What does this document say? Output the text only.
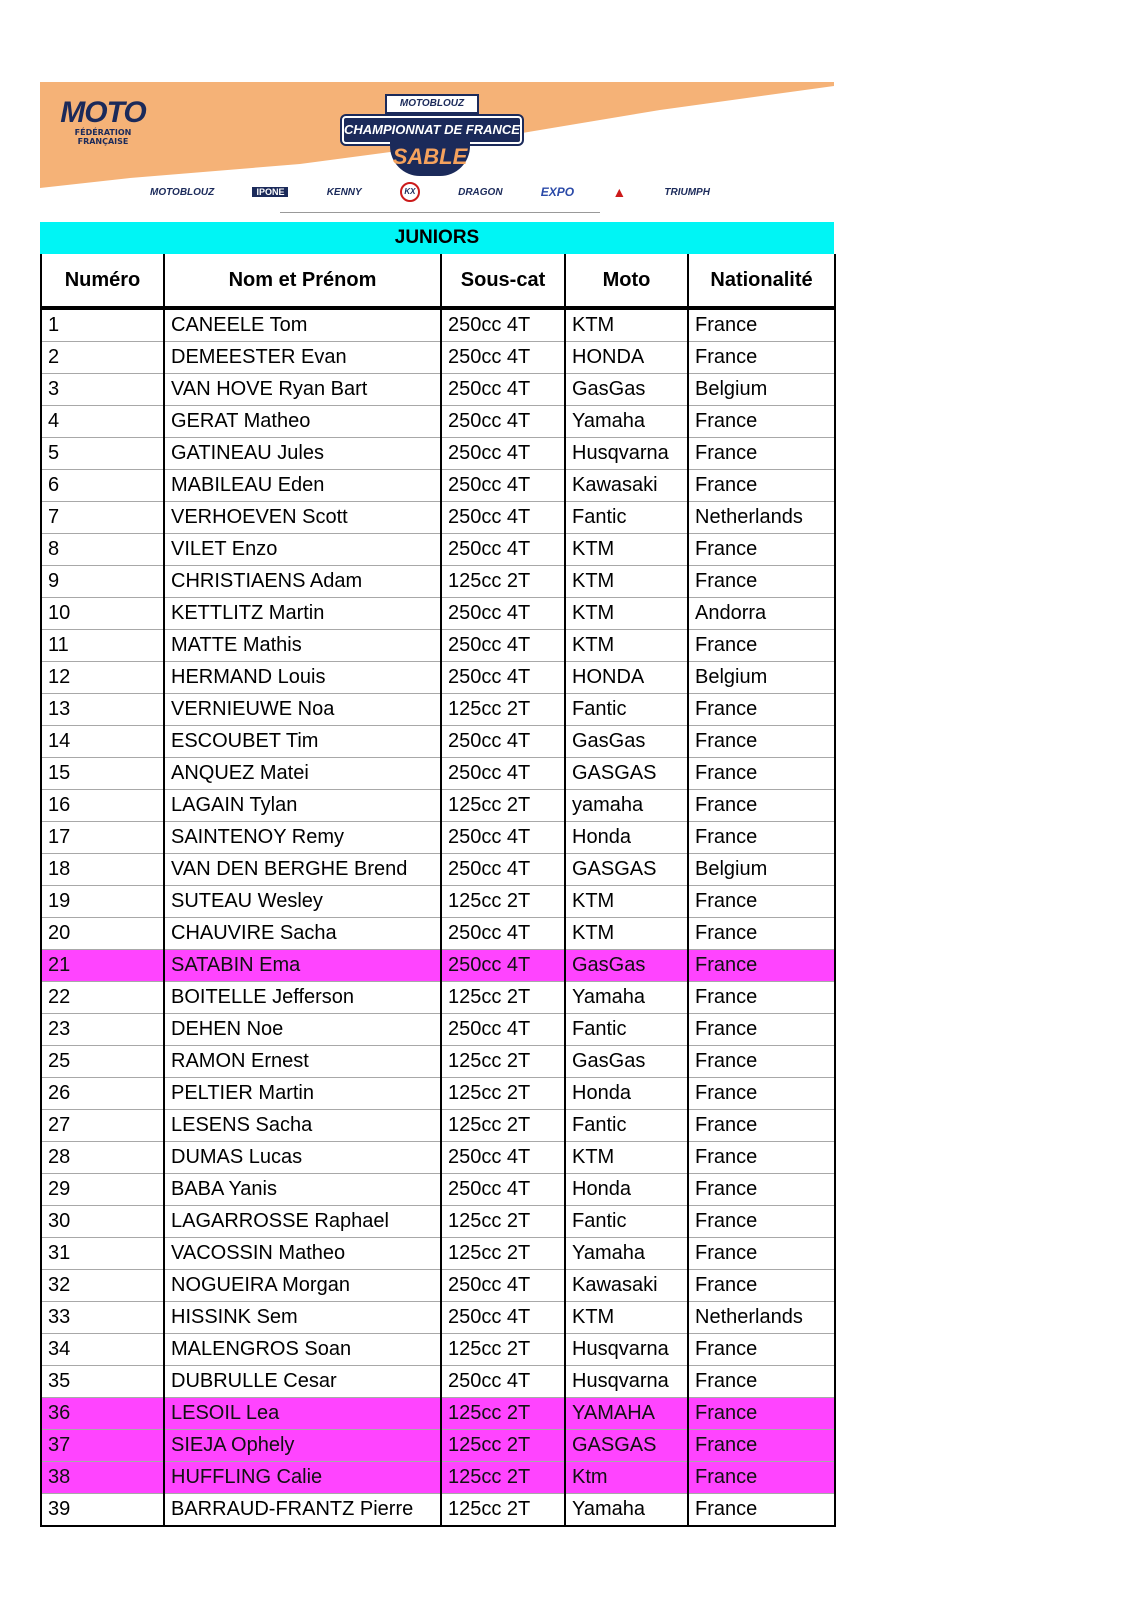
MOTO
FÉDÉRATION
FRANÇAISE
MOTOBLOUZ
CHAMPIONNAT DE FRANCE
SABLE
MOTOBLOUZ	IPONE	KENNY	KX	DRAGON	EXPO	▲	TRIUMPH
JUNIORS
Numéro	Nom et Prénom	Sous-cat	Moto	Nationalité
1	CANEELE Tom	250cc 4T	KTM	France
2	DEMEESTER Evan	250cc 4T	HONDA	France
3	VAN HOVE Ryan Bart	250cc 4T	GasGas	Belgium
4	GERAT Matheo	250cc 4T	Yamaha	France
5	GATINEAU Jules	250cc 4T	Husqvarna	France
6	MABILEAU Eden	250cc 4T	Kawasaki	France
7	VERHOEVEN Scott	250cc 4T	Fantic	Netherlands
8	VILET Enzo	250cc 4T	KTM	France
9	CHRISTIAENS Adam	125cc 2T	KTM	France
10	KETTLITZ Martin	250cc 4T	KTM	Andorra
11	MATTE Mathis	250cc 4T	KTM	France
12	HERMAND Louis	250cc 4T	HONDA	Belgium
13	VERNIEUWE Noa	125cc 2T	Fantic	France
14	ESCOUBET Tim	250cc 4T	GasGas	France
15	ANQUEZ Matei	250cc 4T	GASGAS	France
16	LAGAIN Tylan	125cc 2T	yamaha	France
17	SAINTENOY Remy	250cc 4T	Honda	France
18	VAN DEN BERGHE Brend	250cc 4T	GASGAS	Belgium
19	SUTEAU Wesley	125cc 2T	KTM	France
20	CHAUVIRE Sacha	250cc 4T	KTM	France
21	SATABIN Ema	250cc 4T	GasGas	France
22	BOITELLE Jefferson	125cc 2T	Yamaha	France
23	DEHEN Noe	250cc 4T	Fantic	France
25	RAMON Ernest	125cc 2T	GasGas	France
26	PELTIER Martin	125cc 2T	Honda	France
27	LESENS Sacha	125cc 2T	Fantic	France
28	DUMAS Lucas	250cc 4T	KTM	France
29	BABA Yanis	250cc 4T	Honda	France
30	LAGARROSSE Raphael	125cc 2T	Fantic	France
31	VACOSSIN Matheo	125cc 2T	Yamaha	France
32	NOGUEIRA Morgan	250cc 4T	Kawasaki	France
33	HISSINK Sem	250cc 4T	KTM	Netherlands
34	MALENGROS Soan	125cc 2T	Husqvarna	France
35	DUBRULLE Cesar	250cc 4T	Husqvarna	France
36	LESOIL Lea	125cc 2T	YAMAHA	France
37	SIEJA Ophely	125cc 2T	GASGAS	France
38	HUFFLING Calie	125cc 2T	Ktm	France
39	BARRAUD-FRANTZ Pierre	125cc 2T	Yamaha	France
